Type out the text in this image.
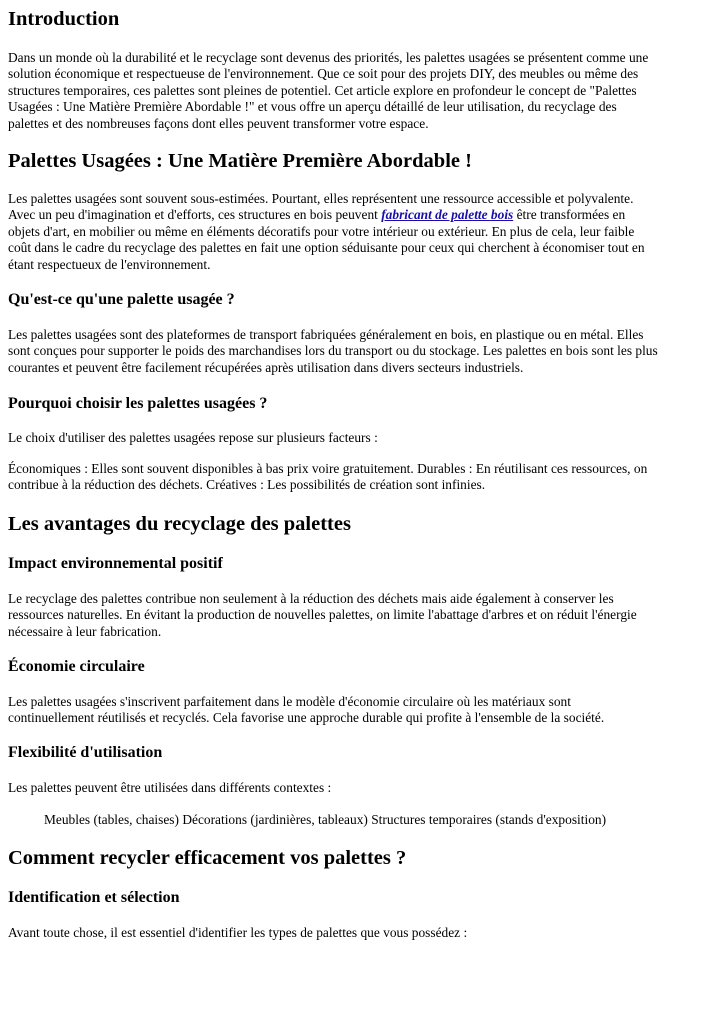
Introduction
Dans un monde où la durabilité et le recyclage sont devenus des priorités, les palettes usagées se présentent comme une
solution économique et respectueuse de l'environnement. Que ce soit pour des projets DIY, des meubles ou même des
structures temporaires, ces palettes sont pleines de potentiel. Cet article explore en profondeur le concept de "Palettes
Usagées : Une Matière Première Abordable !" et vous offre un aperçu détaillé de leur utilisation, du recyclage des
palettes et des nombreuses façons dont elles peuvent transformer votre espace.
Palettes Usagées : Une Matière Première Abordable !
Les palettes usagées sont souvent sous-estimées. Pourtant, elles représentent une ressource accessible et polyvalente.
Avec un peu d'imagination et d'efforts, ces structures en bois peuvent fabricant de palette bois être transformées en
objets d'art, en mobilier ou même en éléments décoratifs pour votre intérieur ou extérieur. En plus de cela, leur faible
coût dans le cadre du recyclage des palettes en fait une option séduisante pour ceux qui cherchent à économiser tout en
étant respectueux de l'environnement.
Qu'est-ce qu'une palette usagée ?
Les palettes usagées sont des plateformes de transport fabriquées généralement en bois, en plastique ou en métal. Elles
sont conçues pour supporter le poids des marchandises lors du transport ou du stockage. Les palettes en bois sont les plus
courantes et peuvent être facilement récupérées après utilisation dans divers secteurs industriels.
Pourquoi choisir les palettes usagées ?
Le choix d'utiliser des palettes usagées repose sur plusieurs facteurs :
Économiques : Elles sont souvent disponibles à bas prix voire gratuitement. Durables : En réutilisant ces ressources, on
contribue à la réduction des déchets. Créatives : Les possibilités de création sont infinies.
Les avantages du recyclage des palettes
Impact environnemental positif
Le recyclage des palettes contribue non seulement à la réduction des déchets mais aide également à conserver les
ressources naturelles. En évitant la production de nouvelles palettes, on limite l'abattage d'arbres et on réduit l'énergie
nécessaire à leur fabrication.
Économie circulaire
Les palettes usagées s'inscrivent parfaitement dans le modèle d'économie circulaire où les matériaux sont
continuellement réutilisés et recyclés. Cela favorise une approche durable qui profite à l'ensemble de la société.
Flexibilité d'utilisation
Les palettes peuvent être utilisées dans différents contextes :
Meubles (tables, chaises) Décorations (jardinières, tableaux) Structures temporaires (stands d'exposition)
Comment recycler efficacement vos palettes ?
Identification et sélection
Avant toute chose, il est essentiel d'identifier les types de palettes que vous possédez :
